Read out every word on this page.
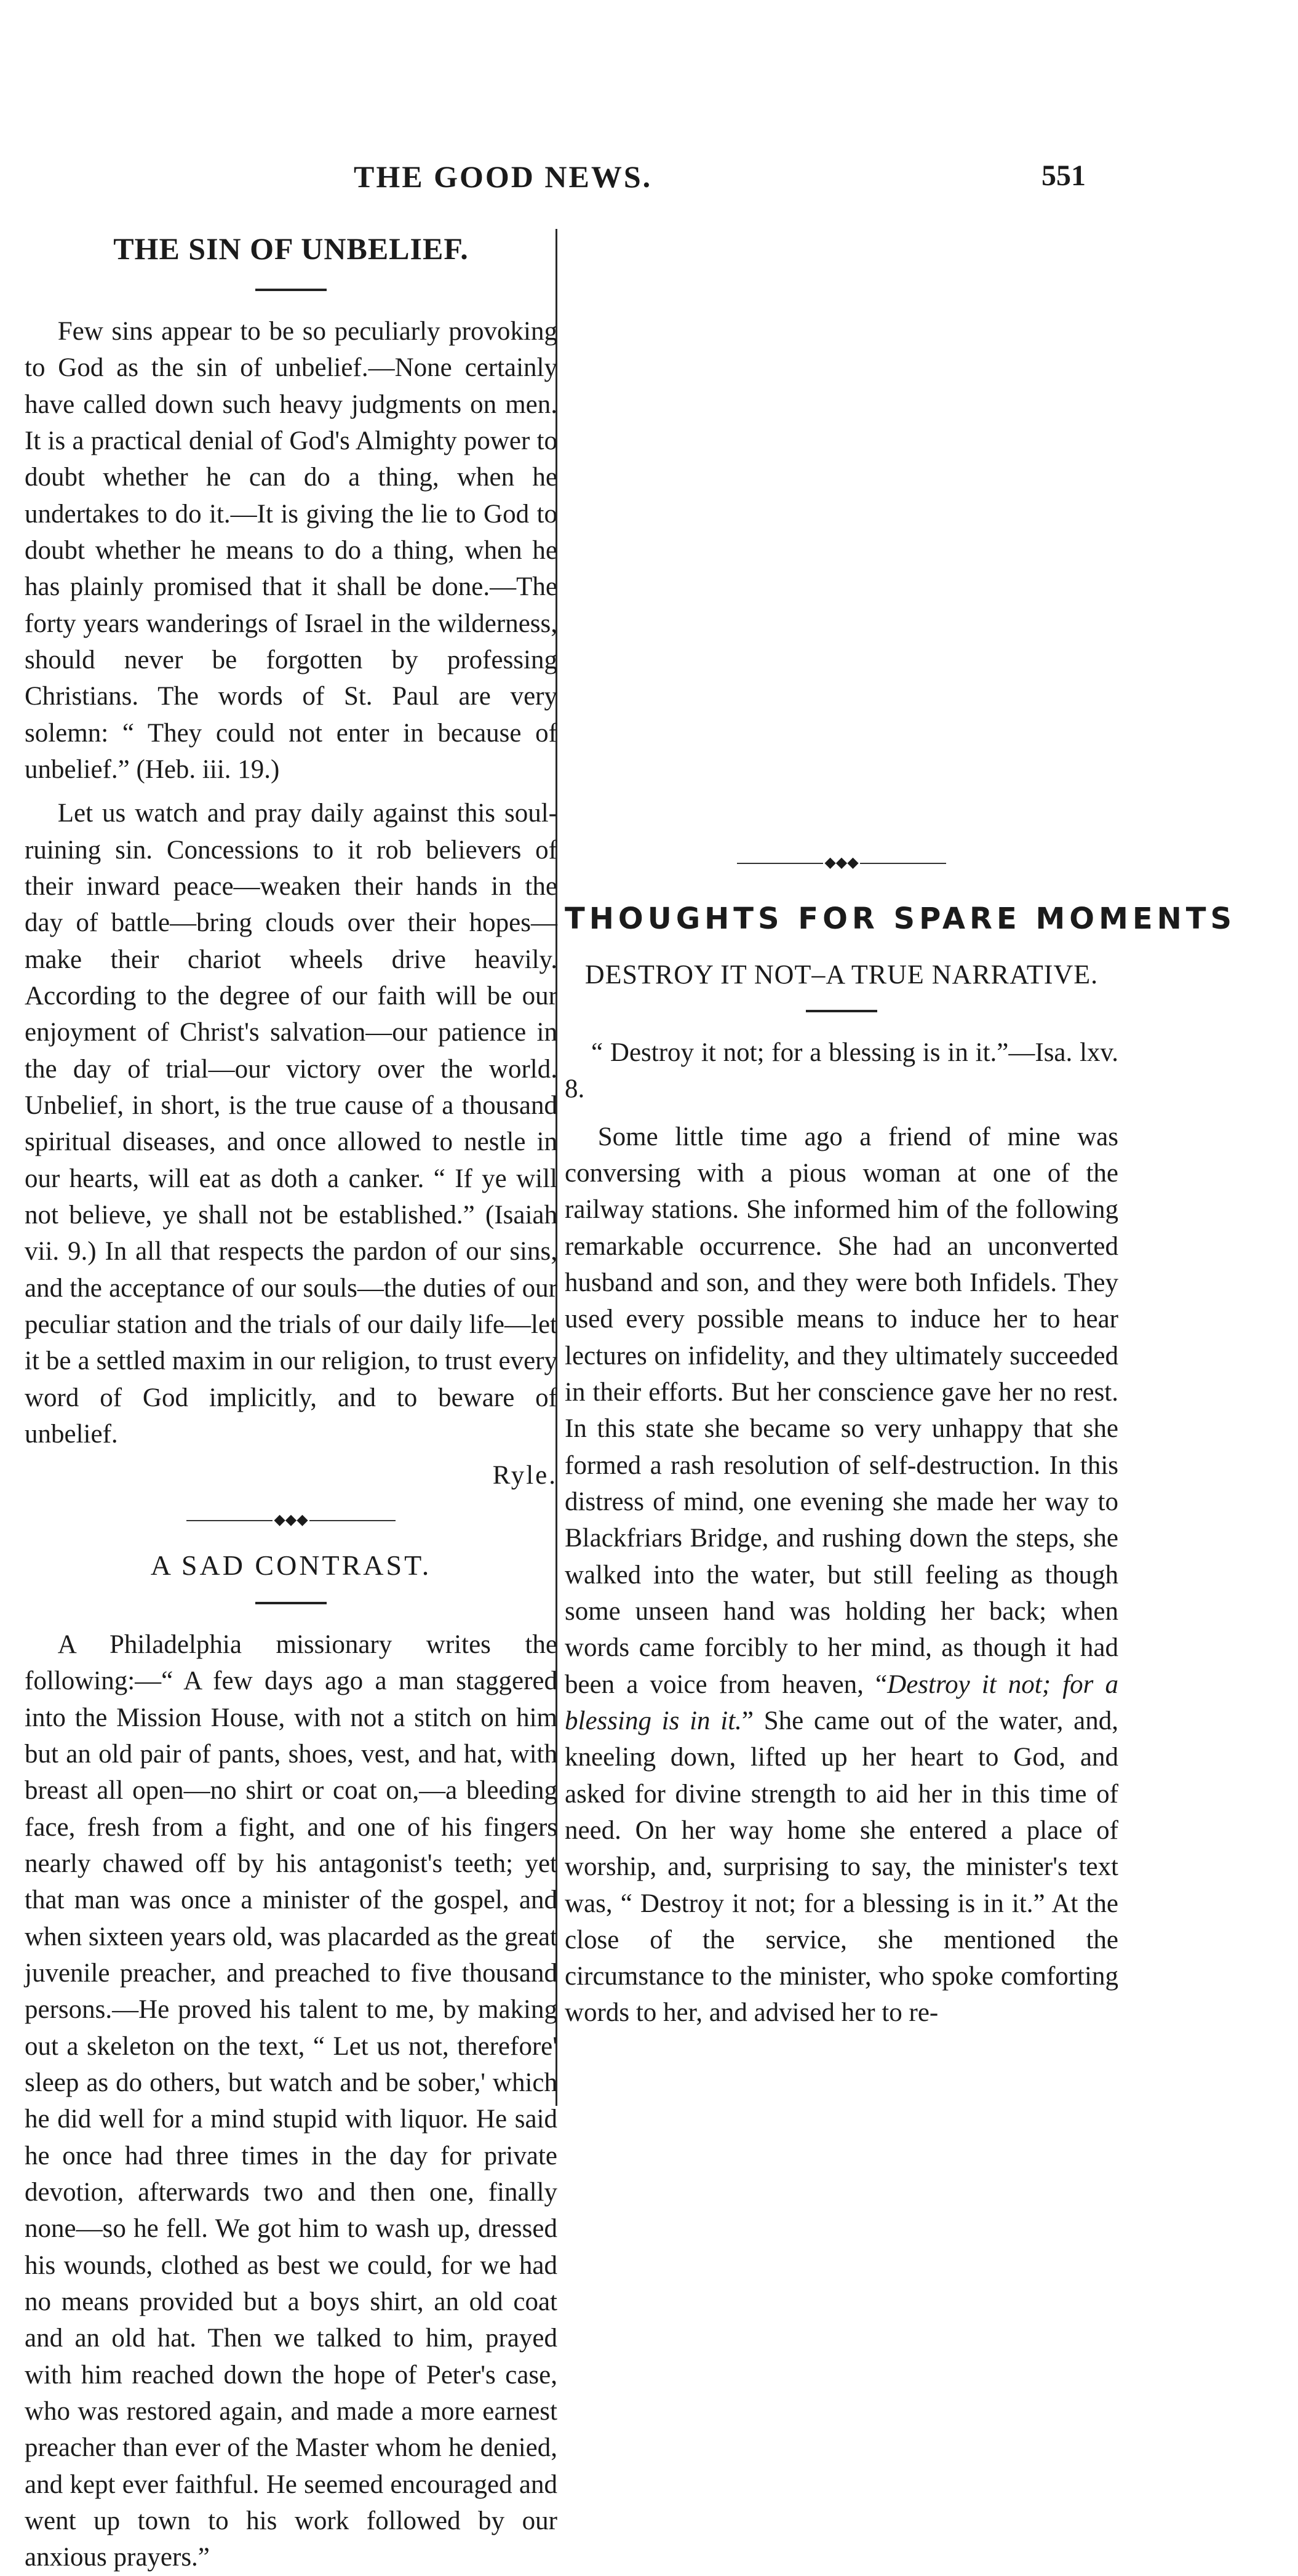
THE GOOD NEWS.	551
THE SIN OF UNBELIEF.

Few sins appear to be so peculiarly provoking to God as the sin of unbelief.—None certainly have called down such heavy judgments on men. It is a practical denial of God's Almighty power to doubt whether he can do a thing, when he undertakes to do it.—It is giving the lie to God to doubt whether he means to do a thing, when he has plainly promised that it shall be done.—The forty years wanderings of Israel in the wilderness, should never be forgotten by professing Christians. The words of St. Paul are very solemn: “ They could not enter in because of unbelief.” (Heb. iii. 19.)

Let us watch and pray daily against this soul-ruining sin. Concessions to it rob believers of their inward peace—weaken their hands in the day of battle—bring clouds over their hopes—make their chariot wheels drive heavily. According to the degree of our faith will be our enjoyment of Christ's salvation—our patience in the day of trial—our victory over the world. Unbelief, in short, is the true cause of a thousand spiritual diseases, and once allowed to nestle in our hearts, will eat as doth a canker. “ If ye will not believe, ye shall not be established.” (Isaiah vii. 9.) In all that respects the pardon of our sins, and the acceptance of our souls—the duties of our peculiar station and the trials of our daily life—let it be a settled maxim in our religion, to trust every word of God implicitly, and to beware of unbelief.

Ryle.
◆◆◆
A SAD CONTRAST.

A Philadelphia missionary writes the following:—“ A few days ago a man staggered into the Mission House, with not a stitch on him but an old pair of pants, shoes, vest, and hat, with breast all open—no shirt or coat on,—a bleeding face, fresh from a fight, and one of his fingers nearly chawed off by his antagonist's teeth; yet that man was once a minister of the gospel, and when sixteen years old, was placarded as the great juvenile preacher, and preached to five thousand persons.—He proved his talent to me, by making out a skeleton on the text, “ Let us not, therefore' sleep as do others, but watch and be sober,' which he did well for a mind stupid with liquor. He said he once had three times in the day for private devotion, afterwards two and then one, finally none—so he fell. We got him to wash up, dressed his wounds, clothed as best we could, for we had no means provided but a boys shirt, an old coat and an old hat. Then we talked to him, prayed with him reached down the hope of Peter's case, who was restored again, and made a more earnest preacher than ever of the Master whom he denied, and kept ever faithful. He seemed encouraged and went up town to his work followed by our anxious prayers.”

◆◆◆
THOUGHTS FOR SPARE MOMENTS
DESTROY IT NOT–A TRUE NARRATIVE.

“ Destroy it not; for a blessing is in it.”—Isa. lxv. 8.

Some little time ago a friend of mine was conversing with a pious woman at one of the railway stations. She informed him of the following remarkable occurrence. She had an unconverted husband and son, and they were both Infidels. They used every possible means to induce her to hear lectures on infidelity, and they ultimately succeeded in their efforts. But her conscience gave her no rest. In this state she became so very unhappy that she formed a rash resolution of self-destruction. In this distress of mind, one evening she made her way to Blackfriars Bridge, and rushing down the steps, she walked into the water, but still feeling as though some unseen hand was holding her back; when words came forcibly to her mind, as though it had been a voice from heaven, “Destroy it not; for a blessing is in it.” She came out of the water, and, kneeling down, lifted up her heart to God, and asked for divine strength to aid her in this time of need. On her way home she entered a place of worship, and, surprising to say, the minister's text was, “ Destroy it not; for a blessing is in it.” At the close of the service, she mentioned the circumstance to the minister, who spoke comforting words to her, and advised her to re-
